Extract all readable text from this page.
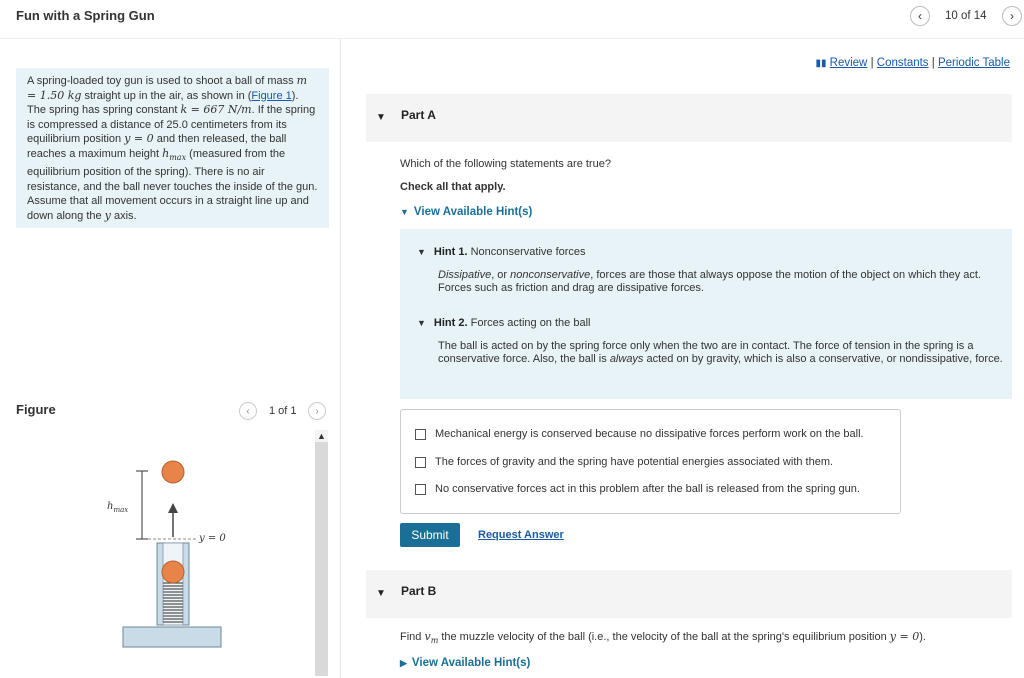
Fun with a Spring Gun	‹ 10 of 14 ›
A spring-loaded toy gun is used to shoot a ball of mass m = 1.50 kg straight up in the air, as shown in (Figure 1). The spring has spring constant k = 667 N/m. If the spring is compressed a distance of 25.0 centimeters from its equilibrium position y = 0 and then released, the ball reaches a maximum height $h_{max}$ (measured from the equilibrium position of the spring). There is no air resistance, and the ball never touches the inside of the gun. Assume that all movement occurs in a straight line up and down along the y axis.
Figure	‹ 1 of 1 ›
$h_{max}$
y = 0
▲
▮▮ Review | Constants | Periodic Table
▼ Part A
Which of the following statements are true?
Check all that apply.
▼ View Available Hint(s)
▼ Hint 1. Nonconservative forces
Dissipative, or nonconservative, forces are those that always oppose the motion of the object on which they act. Forces such as friction and drag are dissipative forces.
▼ Hint 2. Forces acting on the ball
The ball is acted on by the spring force only when the two are in contact. The force of tension in the spring is a conservative force. Also, the ball is always acted on by gravity, which is also a conservative, or nondissipative, force.
Mechanical energy is conserved because no dissipative forces perform work on the ball.
The forces of gravity and the spring have potential energies associated with them.
No conservative forces act in this problem after the ball is released from the spring gun.
Submit	Request Answer
▼ Part B
Find $v_m$ the muzzle velocity of the ball (i.e., the velocity of the ball at the spring's equilibrium position y = 0).
▶ View Available Hint(s)
